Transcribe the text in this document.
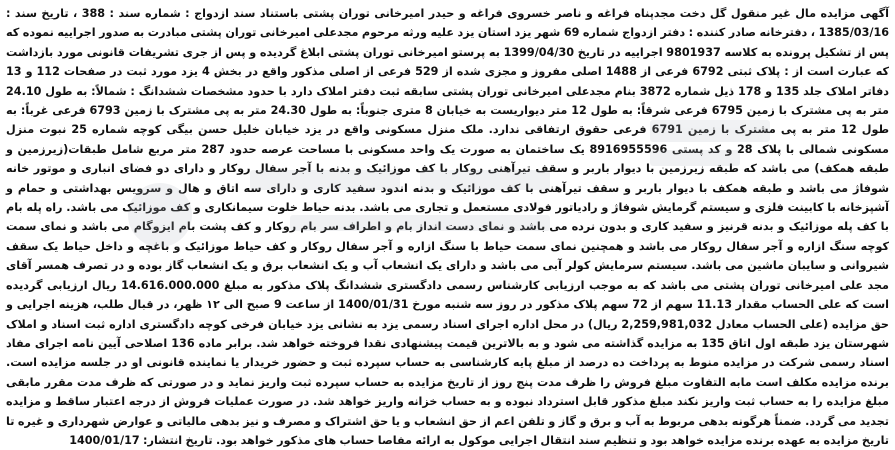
آگهی مزایده مال غیر منقول گل دخت مجدپناه فراغه و ناصر خسروی فراغه و حیدر امیرخانی توران پشتی باستناد سند ازدواج : شماره سند : 388 ، تاریخ سند : 1385/03/16 ، دفترخانه صادر کننده : دفتر ازدواج شماره 69 شهر یزد استان یزد علیه ورثه مرحوم مجدعلی امیرخانی توران پشتی مبادرت به صدور اجراییه نموده که پس از تشکیل پرونده به کلاسه 9801937 اجراییه در تاریخ 1399/04/30 به پرستو امیرخانی توران پشتی ابلاغ گردیده و پس از جری تشریفات قانونی مورد بازداشت که عبارت است از : پلاک ثبتی 6792 فرعی از 1488 اصلی مفروز و مجزی شده از 529 فرعی از اصلی مذکور واقع در بخش 4 یزد مورد ثبت در صفحات 112 و 13 دفاتر املاک جلد 135 و 178 ذیل شماره 3872 بنام مجدعلی امیرخانی توران پشتی سابقه ثبت دفتر املاک دارد با حدود مشخصات ششدانگ : شمالاً: به طول 24.10 متر به پی مشترک با زمین 6795 فرعی شرقاً: به طول 12 متر دیواریست به خیابان 8 متری جنوباً: به طول 24.30 متر به پی مشترک با زمین 6793 فرعی غرباً: به طول 12 متر به پی مشترک با زمین 6791 فرعی حقوق ارتفاقی ندارد. ملک منزل مسکونی واقع در یزد خیابان خلیل حسن بیگی کوچه شماره 25 نبوت منزل مسکونی شمالی با پلاک 28 و کد پستی 8916955596 یک ساختمان به صورت یک واحد مسکونی با مساحت عرصه حدود 287 متر مربع شامل طبقات(زیرزمین و طبقه همکف) می باشد که طبقه زیرزمین با دیوار باربر و سقف تیرآهنی روکار با کف موزائیک و بدنه با آجر سفال روکار و دارای دو فضای انباری و موتور خانه شوفاژ می باشد و طبقه همکف با دیوار باربر و سقف تیرآهنی با کف موزائیک و بدنه اندود سفید کاری و دارای سه اتاق و هال و سرویس بهداشتی و حمام و آشپزخانه با کابینت فلزی و سیستم گرمایش شوفاژ و رادیاتور فولادی مستعمل و تجاری می باشد. بدنه حیاط خلوت سیمانکاری و کف موزائیک می باشد. راه پله بام با کف پله موزائیک و بدنه قرنیز و سفید کاری و بدون نرده می باشد و نمای دست انداز بام و اطراف سر بام روکار و کف پشت بام ایزوگام می باشد و نمای سمت کوچه سنگ ازاره و آجر سفال روکار می باشد و همچنین نمای سمت حیاط با سنگ ازاره و آجر سفال روکار و کف حیاط موزائیک و باغچه و داخل حیاط یک سقف شیروانی و سایبان ماشین می باشد. سیستم سرمایش کولر آبی می باشد و دارای یک انشعاب آب و یک انشعاب برق و یک انشعاب گاز بوده و در تصرف همسر آقای مجد علی امیرخانی توران پشتی می باشد که به موجب ارزیابی کارشناس رسمی دادگستری ششدانگ پلاک مذکور به مبلغ 14.616.000.000 ریال ارزیابی گردیده است که علی الحساب مقدار 11.13 سهم از 72 سهم پلاک مذکور در روز سه شنبه مورخ 1400/01/31 از ساعت 9 صبح الی ۱۲ ظهر، در قبال طلب، هزینه اجرایی و حق مزایده (علی الحساب معادل 2,259,981,032 ریال) در محل اداره اجرای اسناد رسمی یزد به نشانی یزد خیابان فرخی کوچه دادگستری اداره ثبت اسناد و املاک شهرستان یزد طبقه اول اتاق 135 به مزایده گذاشته می شود و به بالاترین قیمت پیشنهادی نقدا فروخته خواهد شد. برابر ماده 136 اصلاحی آیین نامه اجرای مفاد اسناد رسمی شرکت در مزایده منوط به پرداخت ده درصد از مبلغ پایه کارشناسی به حساب سپرده ثبت و حضور خریدار یا نماینده قانونی او در جلسه مزایده است. برنده مزایده مکلف است مابه التفاوت مبلغ فروش را ظرف مدت پنج روز از تاریخ مزایده به حساب سپرده ثبت واریز نماید و در صورتی که ظرف مدت مقرر مابقی مبلغ مزایده را به حساب ثبت واریز نکند مبلغ مذکور قابل استرداد نبوده و به حساب خزانه واریز خواهد شد. در صورت عملیات فروش از درجه اعتبار ساقط و مزایده تجدید می گردد. ضمناً هرگونه بدهی مربوط به آب و برق و گاز و تلفن اعم از حق انشعاب و یا حق اشتراک و مصرف و نیز بدهی مالیاتی و عوارض شهرداری و غیره تا تاریخ مزایده به عهده برنده مزایده خواهد بود و تنظیم سند انتقال اجرایی موکول به ارائه مفاصا حساب های مذکور خواهد بود. تاریخ انتشار: 1400/01/17
